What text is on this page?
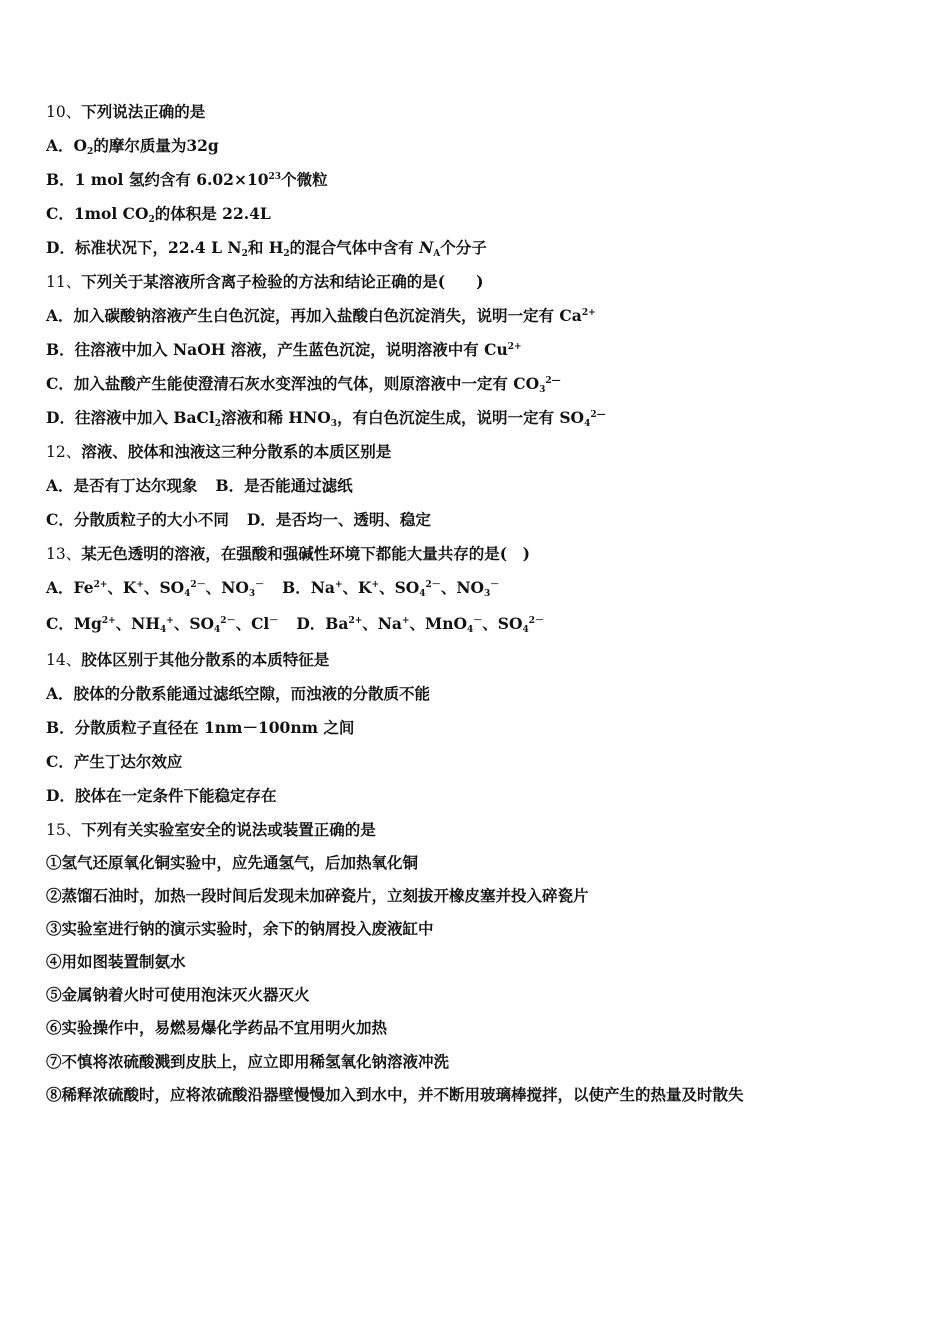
10、下列说法正确的是
A．$O_2$的摩尔质量为32g
B．1 mol 氢约含有 $6.02\times 10^{23}$个微粒
C．1mol $CO_2$的体积是 22.4L
D．标准状况下，22.4 L $N_2$和 $H_2$的混合气体中含有 $N_A$个分子
11、下列关于某溶液所含离子检验的方法和结论正确的是(　　)
A．加入碳酸钠溶液产生白色沉淀，再加入盐酸白色沉淀消失，说明一定有 $Ca^{2+}$
B．往溶液中加入 NaOH 溶液，产生蓝色沉淀，说明溶液中有 $Cu^{2+}$
C．加入盐酸产生能使澄清石灰水变浑浊的气体，则原溶液中一定有 $CO_3^{2—}$
D．往溶液中加入 BaCl$_2$溶液和稀 $HNO_3$，有白色沉淀生成，说明一定有 $SO_4^{2—}$
12、溶液、胶体和浊液这三种分散系的本质区别是
A．是否有丁达尔现象 B．是否能通过滤纸
C．分散质粒子的大小不同 D．是否均一、透明、稳定
13、某无色透明的溶液，在强酸和强碱性环境下都能大量共存的是(　)
A．$Fe^{2+}$、K+、$SO_4^{2-}$、$NO_3^-$ B．Na+、K+、$SO_4^{2-}$、$NO_3^-$
C．$Mg^{2+}$、$NH_4^+$、$SO_4^{2-}$、Cl－ D．$Ba^{2+}$、Na+、MnO$_4$－、$SO_4^{2-}$
14、胶体区别于其他分散系的本质特征是
A．胶体的分散系能通过滤纸空隙，而浊液的分散质不能
B．分散质粒子直径在 1nm－100nm 之间
C．产生丁达尔效应
D．胶体在一定条件下能稳定存在
15、下列有关实验室安全的说法或装置正确的是
①氢气还原氧化铜实验中，应先通氢气，后加热氧化铜
②蒸馏石油时，加热一段时间后发现未加碎瓷片，立刻拔开橡皮塞并投入碎瓷片
③实验室进行钠的演示实验时，余下的钠屑投入废液缸中
④用如图装置制氨水
⑤金属钠着火时可使用泡沫灭火器灭火
⑥实验操作中，易燃易爆化学药品不宜用明火加热
⑦不慎将浓硫酸溅到皮肤上，应立即用稀氢氧化钠溶液冲洗
⑧稀释浓硫酸时，应将浓硫酸沿器壁慢慢加入到水中，并不断用玻璃棒搅拌，以使产生的热量及时散失
